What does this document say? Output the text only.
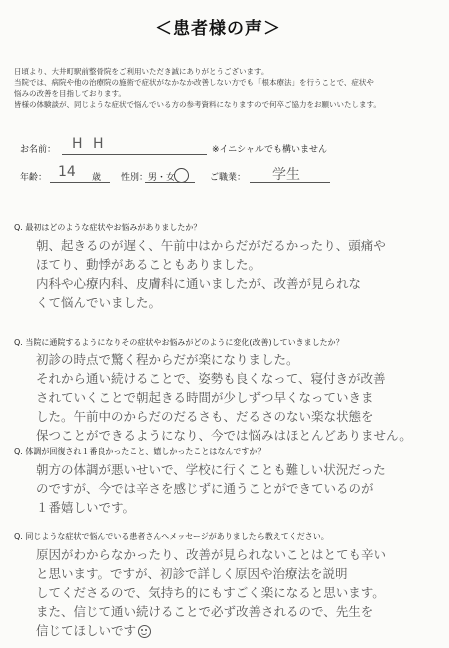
＜患者様の声＞
日頃より、大井町駅前整骨院をご利用いただき誠にありがとうございます。
当院では、病院や他の治療院の施術で症状がなかなか改善しない方でも「根本療法」を行うことで、症状や
悩みの改善を目指しております。
皆様の体験談が、同じような症状で悩んでいる方の参考資料になりますので何卒ご協力をお願いいたします。
お名前： H H	※イニシャルでも構いません
年齢： 14 歳 性別：男・女	ご職業： 学生
Q. 最初はどのような症状やお悩みがありましたか？
朝、起きるのが遅く、午前中はからだがだるかったり、頭痛や
ほてり、動悸があることもありました。
内科や心療内科、皮膚科に通いましたが、改善が見られな
くて悩んでいました。
Q. 当院に通院するようになりその症状やお悩みがどのように変化(改善)していきましたか？
初診の時点で驚く程からだが楽になりました。
それから通い続けることで、姿勢も良くなって、寝付きが改善
されていくことで朝起きる時間が少しずつ早くなっていきま
した。午前中のからだのだるさも、だるさのない楽な状態を
保つことができるようになり、今では悩みはほとんどありません。
Q. 体調が回復され１番良かったこと、嬉しかったことはなんですか？
朝方の体調が悪いせいで、学校に行くことも難しい状況だった
のですが、今では辛さを感じずに通うことができているのが
１番嬉しいです。
Q. 同じような症状で悩んでいる患者さんへメッセージがありましたら教えてください。
原因がわからなかったり、改善が見られないことはとても辛い
と思います。ですが、初診で詳しく原因や治療法を説明
してくださるので、気持ち的にもすごく楽になると思います。
また、信じて通い続けることで必ず改善されるので、先生を
信じてほしいです
